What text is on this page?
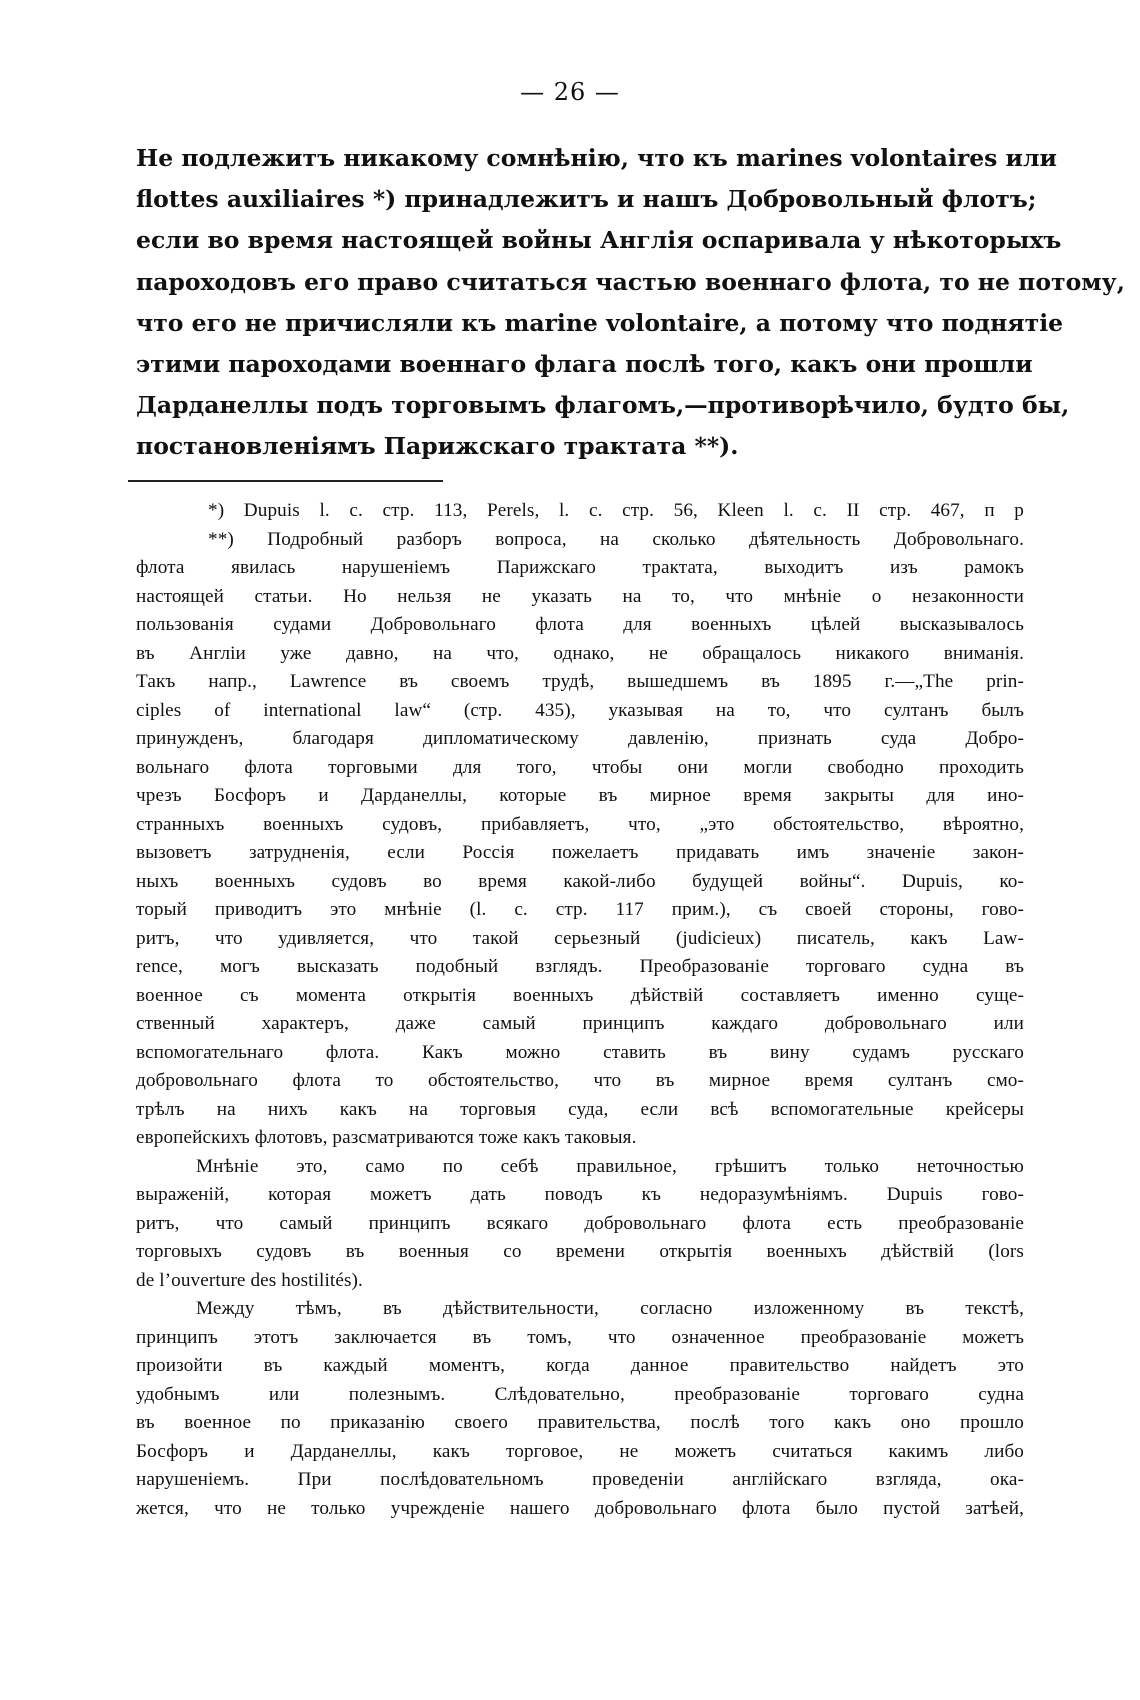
— 26 —
Не подлежитъ никакому сомнѣнію, что къ marines volontaires или
flottes auxiliaires *) принадлежитъ и нашъ Добровольный флотъ;
если во время настоящей войны Англія оспаривала у нѣкоторыхъ
пароходовъ его право считаться частью военнаго флота, то не потому,
что его не причисляли къ marine volontaire, а потому что поднятіе
этими пароходами военнаго флага послѣ того, какъ они прошли
Дарданеллы подъ торговымъ флагомъ,—противорѣчило, будто бы,
постановленіямъ Парижскаго трактата **).
*) Dupuis l. c. стр. 113, Perels, l. c. стр. 56, Kleen l. c. II стр. 467, п р
**) Подробный разборъ вопроса, на сколько дѣятельность Добровольнаго.
флота явилась нарушеніемъ Парижскаго трактата, выходитъ изъ рамокъ
настоящей статьи. Но нельзя не указать на то, что мнѣніе о незаконности
пользованія судами Добровольнаго флота для военныхъ цѣлей высказывалось
въ Англіи уже давно, на что, однако, не обращалось никакого вниманія.
Такъ напр., Lawrence въ своемъ трудѣ, вышедшемъ въ 1895 г.—„The prin-
ciples of international law“ (стр. 435), указывая на то, что султанъ былъ
принужденъ, благодаря дипломатическому давленію, признать суда Добро-
вольнаго флота торговыми для того, чтобы они могли свободно проходить
чрезъ Босфоръ и Дарданеллы, которые въ мирное время закрыты для ино-
странныхъ военныхъ судовъ, прибавляетъ, что, „это обстоятельство, вѣроятно,
вызоветъ затрудненія, если Россія пожелаетъ придавать имъ значеніе закон-
ныхъ военныхъ судовъ во время какой-либо будущей войны“. Dupuis, ко-
торый приводитъ это мнѣніе (l. c. стр. 117 прим.), съ своей стороны, гово-
ритъ, что удивляется, что такой серьезный (judicieux) писатель, какъ Law-
rence, могъ высказать подобный взглядъ. Преобразованіе торговаго судна въ
военное съ момента открытія военныхъ дѣйствій составляетъ именно суще-
ственный характеръ, даже самый принципъ каждаго добровольнаго или
вспомогательнаго флота. Какъ можно ставить въ вину судамъ русскаго
добровольнаго флота то обстоятельство, что въ мирное время султанъ смо-
трѣлъ на нихъ какъ на торговыя суда, если всѣ вспомогательные крейсеры
европейскихъ флотовъ, разсматриваются тоже какъ таковыя.
Мнѣніе это, само по себѣ правильное, грѣшитъ только неточностью
выраженій, которая можетъ дать поводъ къ недоразумѣніямъ. Dupuis гово-
ритъ, что самый принципъ всякаго добровольнаго флота есть преобразованіе
торговыхъ судовъ въ военныя со времени открытія военныхъ дѣйствій (lors
de l’ouverture des hostilités).
Между тѣмъ, въ дѣйствительности, согласно изложенному въ текстѣ,
принципъ этотъ заключается въ томъ, что означенное преобразованіе можетъ
произойти въ каждый моментъ, когда данное правительство найдетъ это
удобнымъ или полезнымъ. Слѣдовательно, преобразованіе торговаго судна
въ военное по приказанію своего правительства, послѣ того какъ оно прошло
Босфоръ и Дарданеллы, какъ торговое, не можетъ считаться какимъ либо
нарушеніемъ. При послѣдовательномъ проведеніи англійскаго взгляда, ока-
жется, что не только учрежденіе нашего добровольнаго флота было пустой затѣей,
